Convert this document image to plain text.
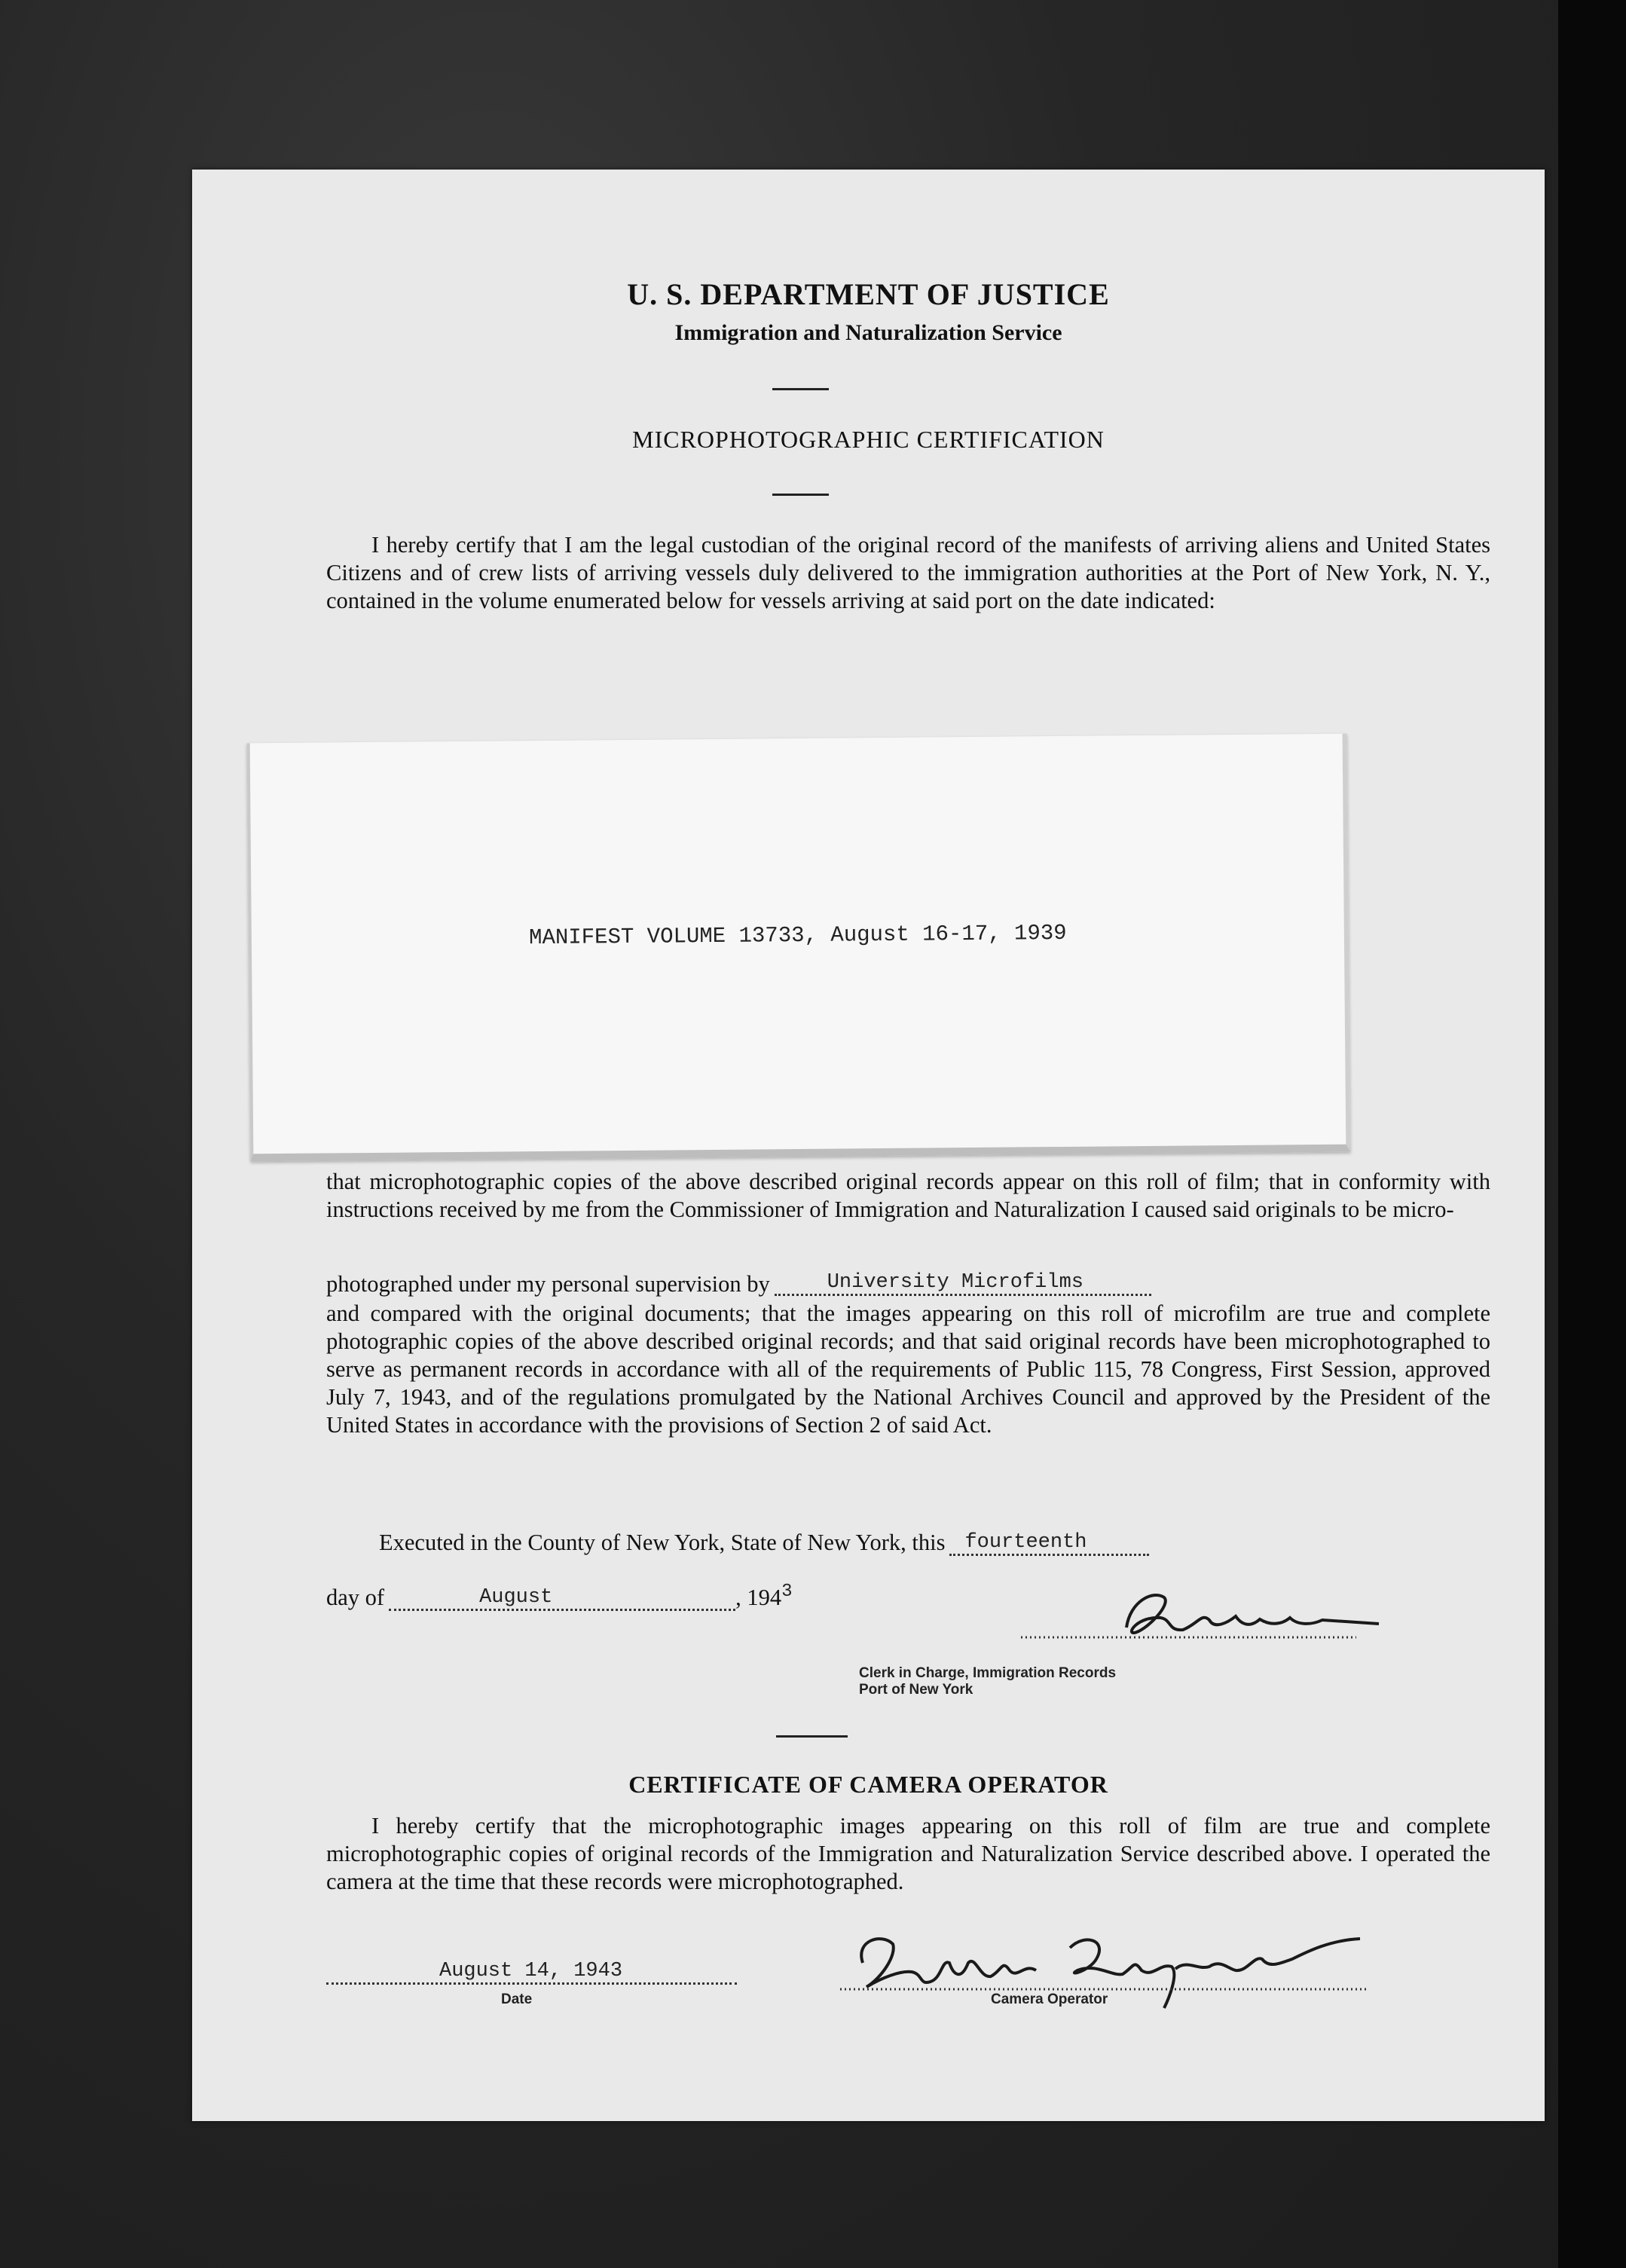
U. S. DEPARTMENT OF JUSTICE
Immigration and Naturalization Service
MICROPHOTOGRAPHIC CERTIFICATION
I hereby certify that I am the legal custodian of the original record of the manifests of arriving aliens and United States Citizens and of crew lists of arriving vessels duly delivered to the immigration authorities at the Port of New York, N. Y., contained in the volume enumerated below for vessels arriving at said port on the date indicated:
MANIFEST VOLUME 13733, August 16-17, 1939
that microphotographic copies of the above described original records appear on this roll of film; that in conformity with instructions received by me from the Commissioner of Immigration and Naturalization I caused said originals to be micro-
photographed under my personal supervision by	University Microfilms
and compared with the original documents; that the images appearing on this roll of microfilm are true and complete photographic copies of the above described original records; and that said original records have been microphotographed to serve as permanent records in accordance with all of the requirements of Public 115, 78 Congress, First Session, approved July 7, 1943, and of the regulations promulgated by the National Archives Council and approved by the President of the United States in accordance with the provisions of Section 2 of said Act.
Executed in the County of New York, State of New York, this fourteenth
day of	August	, $194^3$
Clerk in Charge, Immigration Records
Port of New York
CERTIFICATE OF CAMERA OPERATOR
I hereby certify that the microphotographic images appearing on this roll of film are true and complete microphotographic copies of original records of the Immigration and Naturalization Service described above. I operated the camera at the time that these records were microphotographed.
August 14, 1943
Date	Camera Operator
